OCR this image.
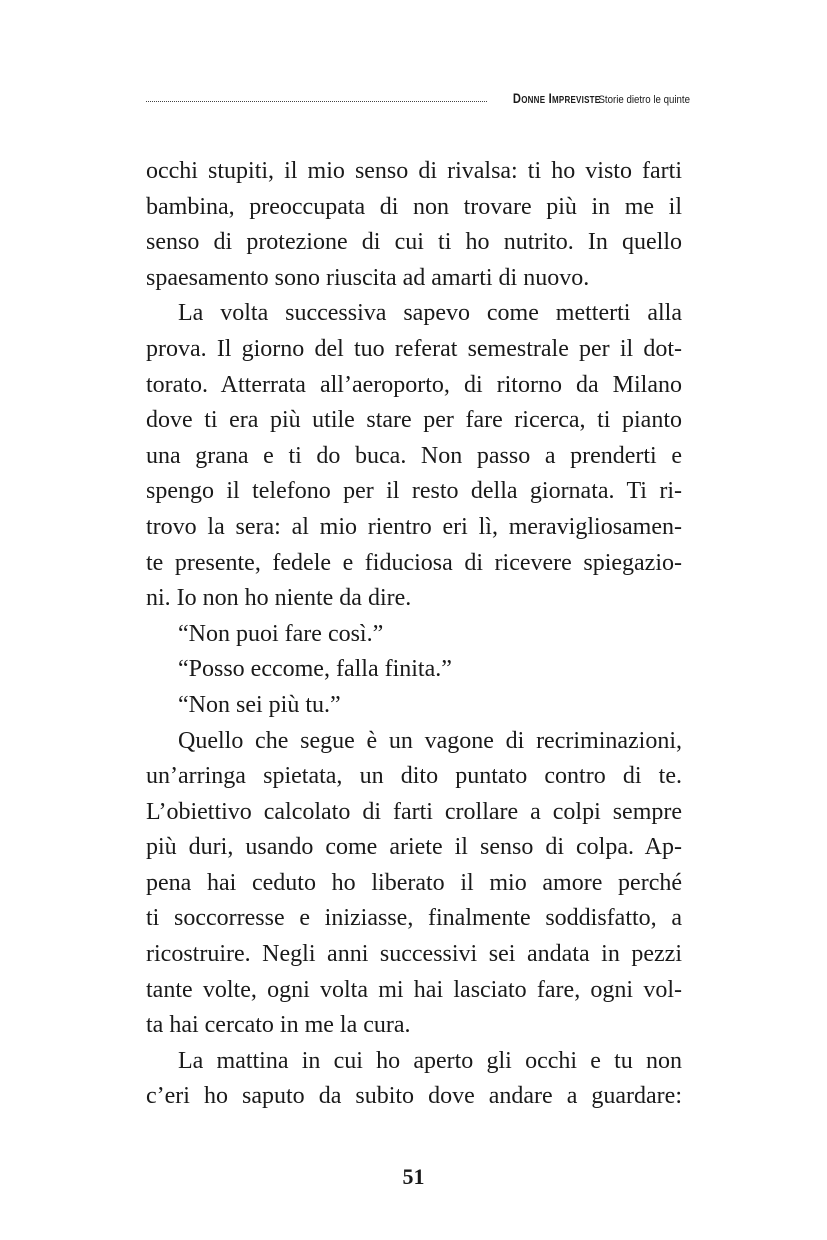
Donne Impreviste
Storie dietro le quinte
occhi stupiti, il mio senso di rivalsa: ti ho visto farti
bambina, preoccupata di non trovare più in me il
senso di protezione di cui ti ho nutrito. In quello
spaesamento sono riuscita ad amarti di nuovo.
La volta successiva sapevo come metterti alla
prova. Il giorno del tuo referat semestrale per il dot-
torato. Atterrata all’aeroporto, di ritorno da Milano
dove ti era più utile stare per fare ricerca, ti pianto
una grana e ti do buca. Non passo a prenderti e
spengo il telefono per il resto della giornata. Ti ri-
trovo la sera: al mio rientro eri lì, meravigliosamen-
te presente, fedele e fiduciosa di ricevere spiegazio-
ni. Io non ho niente da dire.
“Non puoi fare così.”
“Posso eccome, falla finita.”
“Non sei più tu.”
Quello che segue è un vagone di recriminazioni,
un’arringa spietata, un dito puntato contro di te.
L’obiettivo calcolato di farti crollare a colpi sempre
più duri, usando come ariete il senso di colpa. Ap-
pena hai ceduto ho liberato il mio amore perché
ti soccorresse e iniziasse, finalmente soddisfatto, a
ricostruire. Negli anni successivi sei andata in pezzi
tante volte, ogni volta mi hai lasciato fare, ogni vol-
ta hai cercato in me la cura.
La mattina in cui ho aperto gli occhi e tu non
c’eri ho saputo da subito dove andare a guardare:
51
